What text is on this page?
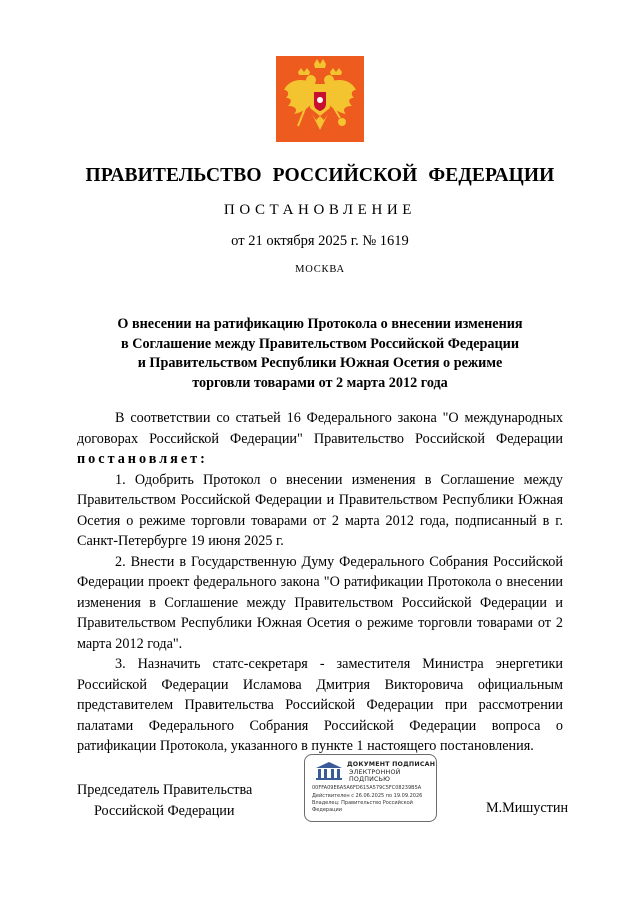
ПРАВИТЕЛЬСТВО РОССИЙСКОЙ ФЕДЕРАЦИИ
ПОСТАНОВЛЕНИЕ
от 21 октября 2025 г. № 1619
МОСКВА
О внесении на ратификацию Протокола о внесении изменения
в Соглашение между Правительством Российской Федерации
и Правительством Республики Южная Осетия о режиме
торговли товарами от 2 марта 2012 года

В соответствии со статьей 16 Федерального закона "О международных договорах Российской Федерации" Правительство Российской Федерации постановляет:

1. Одобрить Протокол о внесении изменения в Соглашение между Правительством Российской Федерации и Правительством Республики Южная Осетия о режиме торговли товарами от 2 марта 2012 года, подписанный в г. Санкт-Петербурге 19 июня 2025 г.

2. Внести в Государственную Думу Федерального Собрания Российской Федерации проект федерального закона "О ратификации Протокола о внесении изменения в Соглашение между Правительством Российской Федерации и Правительством Республики Южная Осетия о режиме торговли товарами от 2 марта 2012 года".

3. Назначить статс-секретаря - заместителя Министра энергетики Российской Федерации Исламова Дмитрия Викторовича официальным представителем Правительства Российской Федерации при рассмотрении палатами Федерального Собрания Российской Федерации вопроса о ратификации Протокола, указанного в пункте 1 настоящего постановления.

Председатель Правительства
Российской Федерации
ДОКУМЕНТ ПОДПИСАН
ЭЛЕКТРОННОЙ ПОДПИСЬЮ
00FFA09E6A5A6FD615A579C5FC08239B5A
Действителен с 26.06.2025 по 19.09.2026
Владелец: Правительство Российской Федерации	М.Мишустин
